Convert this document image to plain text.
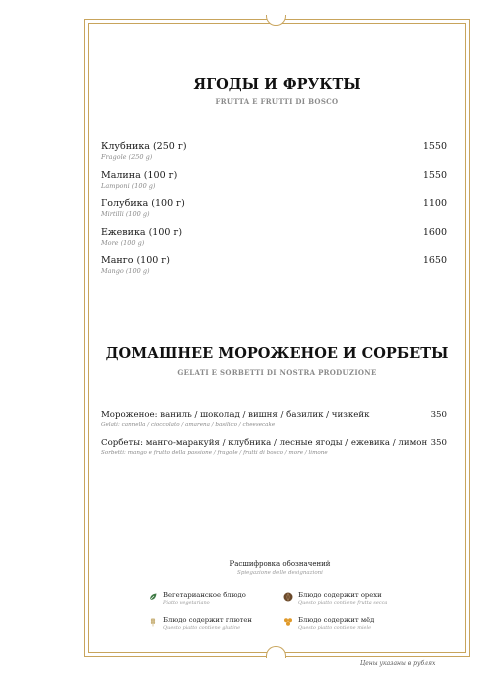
ЯГОДЫ И ФРУКТЫ
FRUTTA E FRUTTI DI BOSCO
Клубника (250 г)
Fragole (250 g)
1550
Малина (100 г)
Lamponi (100 g)
1550
Голубика (100 г)
Mirtilli (100 g)
1100
Ежевика (100 г)
More (100 g)
1600
Манго (100 г)
Mango (100 g)
1650
ДОМАШНЕЕ МОРОЖЕНОЕ И СОРБЕТЫ
GELATI E SORBETTI DI NOSTRA PRODUZIONE
Мороженое: ваниль / шоколад / вишня / базилик / чизкейк
Gelati: cannella / cioccolato / amarena / basilico / cheesecake
350
Сорбеты: манго-маракуйя / клубника / лесные ягоды / ежевика / лимон
Sorbetti: mango e frutto della passione / fragole / frutti di bosco / more / limone
350
Расшифровка обозначений
Spiegazione delle designazioni
Вегетарианское блюдо
Piatto vegetariano
Блюдо содержит глютен
Questo piatto contiene glutine
Блюдо содержит орехи
Questo piatto contiene frutta secca
Блюдо содержит мёд
Questo piatto contiene miele
Цены указаны в рублях
